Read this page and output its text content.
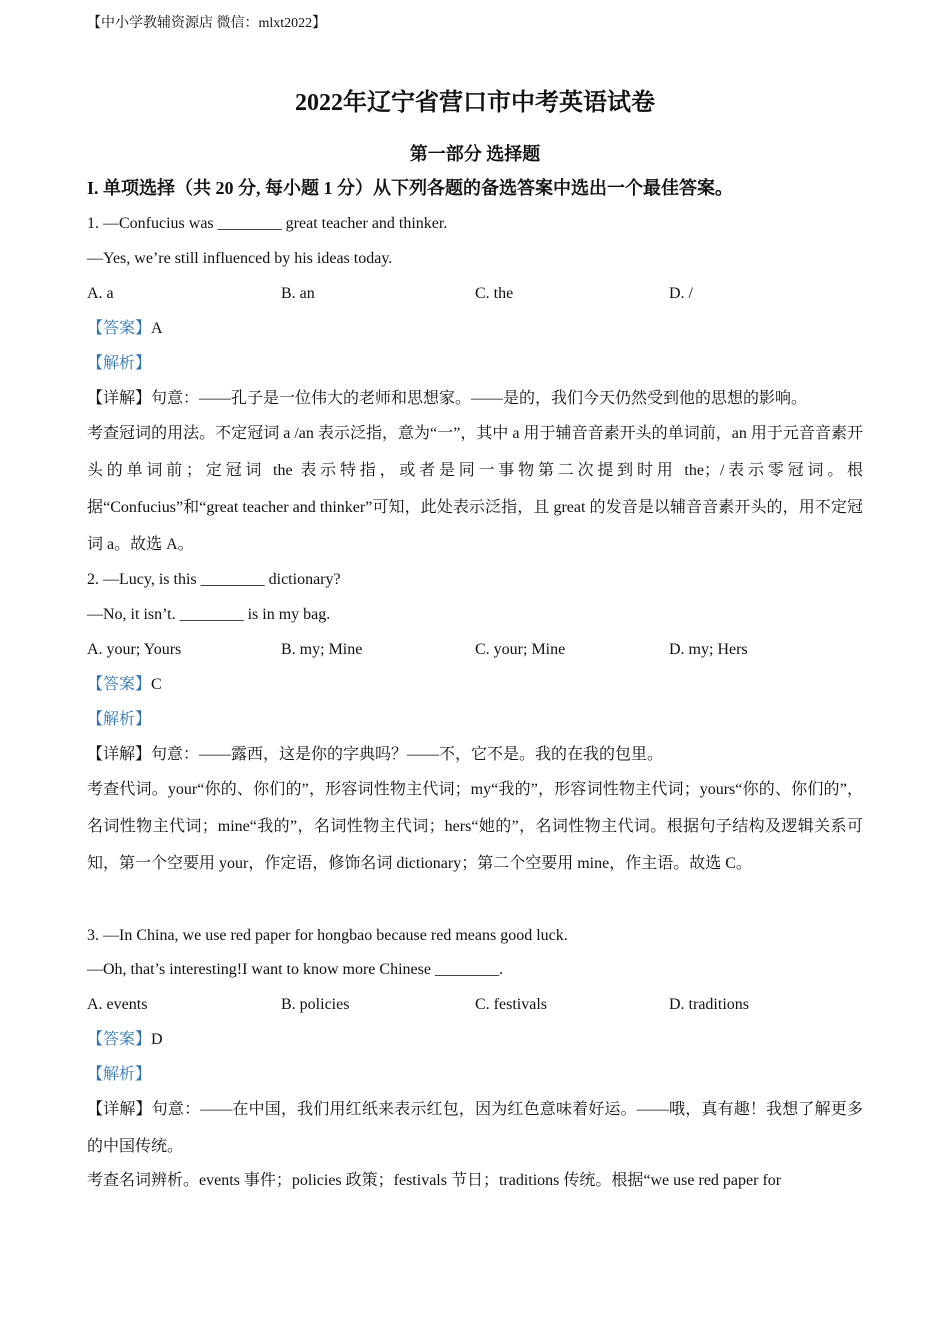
【中小学教辅资源店 微信：mlxt2022】
2022年辽宁省营口市中考英语试卷
第一部分 选择题
I. 单项选择（共 20 分, 每小题 1 分）从下列各题的备选答案中选出一个最佳答案。
1. —Confucius was ________ great teacher and thinker.
—Yes, we’re still influenced by his ideas today.
A. a	B. an	C. the	D. /
【答案】A
【解析】
【详解】句意：——孔子是一位伟大的老师和思想家。——是的，我们今天仍然受到他的思想的影响。
考查冠词的用法。不定冠词 a /an 表示泛指，意为“一”，其中 a 用于辅音音素开头的单词前，an 用于元音音素开头的单词前；定冠词 the 表示特指，或者是同一事物第二次提到时用 the；/表示零冠词。根据“Confucius”和“great teacher and thinker”可知，此处表示泛指，且 great 的发音是以辅音音素开头的，用不定冠词 a。故选 A。
2. —Lucy, is this ________ dictionary?
—No, it isn’t. ________ is in my bag.
A. your; Yours	B. my; Mine	C. your; Mine	D. my; Hers
【答案】C
【解析】
【详解】句意：——露西，这是你的字典吗？——不，它不是。我的在我的包里。
考查代词。your“你的、你们的”，形容词性物主代词；my“我的”，形容词性物主代词；yours“你的、你们的”，名词性物主代词；mine“我的”，名词性物主代词；hers“她的”，名词性物主代词。根据句子结构及逻辑关系可知，第一个空要用 your，作定语，修饰名词 dictionary；第二个空要用 mine，作主语。故选 C。
3. —In China, we use red paper for hongbao because red means good luck.
—Oh, that’s interesting!I want to know more Chinese ________.
A. events	B. policies	C. festivals	D. traditions
【答案】D
【解析】
【详解】句意：——在中国，我们用红纸来表示红包，因为红色意味着好运。——哦，真有趣！我想了解更多的中国传统。
考查名词辨析。events 事件；policies 政策；festivals 节日；traditions 传统。根据“we use red paper for
